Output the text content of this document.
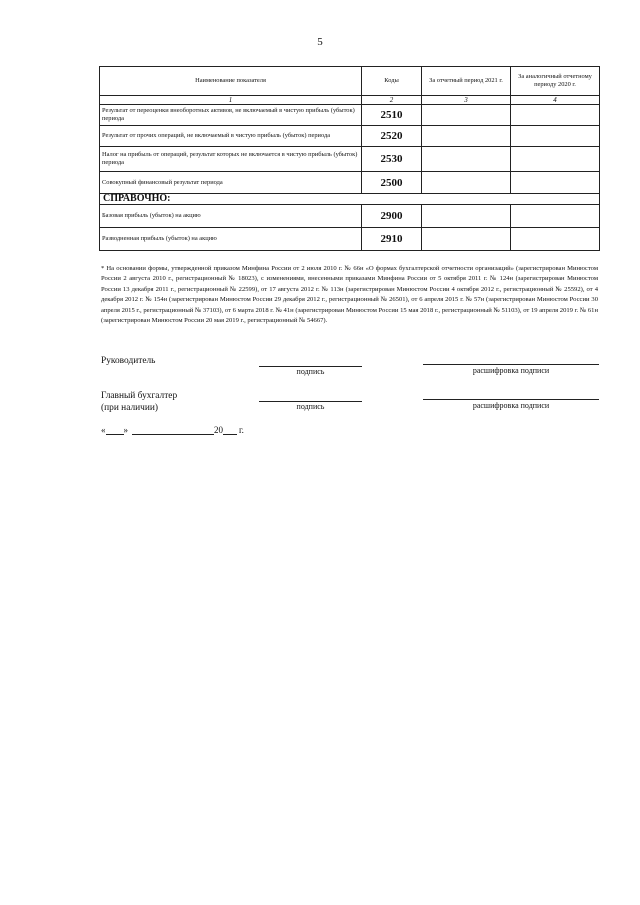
5
Наименование показателя	Коды	За отчетный период 2021 г.	За аналогичный отчетному периоду 2020 г.
1	2	3	4
Результат от переоценки внеоборотных активов, не включаемый в чистую прибыль (убыток) периода	2510		
Результат от прочих операций, не включаемый в чистую прибыль (убыток) периода	2520		
Налог на прибыль от операций, результат которых не включается в чистую прибыль (убыток) периода	2530		
Совокупный финансовый результат периода	2500		
СПРАВОЧНО:			
Базовая прибыль (убыток) на акцию	2900		
Разводненная прибыль (убыток) на акцию	2910		
* На основании формы, утвержденной приказом Минфина России от 2 июля 2010 г. № 66н «О формах бухгалтерской отчетности организаций» (зарегистрирован Минюстом России 2 августа 2010 г., регистрационный № 18023), с изменениями, внесенными приказами Минфина России от 5 октября 2011 г. № 124н (зарегистрирован Минюстом России 13 декабря 2011 г., регистрационный № 22599), от 17 августа 2012 г. № 113н (зарегистрирован Минюстом России 4 октября 2012 г., регистрационный № 25592), от 4 декабря 2012 г. № 154н (зарегистрирован Минюстом России 29 декабря 2012 г., регистрационный № 26501), от 6 апреля 2015 г. № 57н (зарегистрирован Минюстом России 30 апреля 2015 г., регистрационный № 37103), от 6 марта 2018 г. № 41н (зарегистрирован Минюстом России 15 мая 2018 г., регистрационный № 51103), от 19 апреля 2019 г. № 61н (зарегистрирован Минюстом России 20 мая 2019 г., регистрационный № 54667).
Руководитель
подпись	расшифровка подписи
Главный бухгалтер
(при наличии)	подпись	расшифровка подписи
« »	20 г.
